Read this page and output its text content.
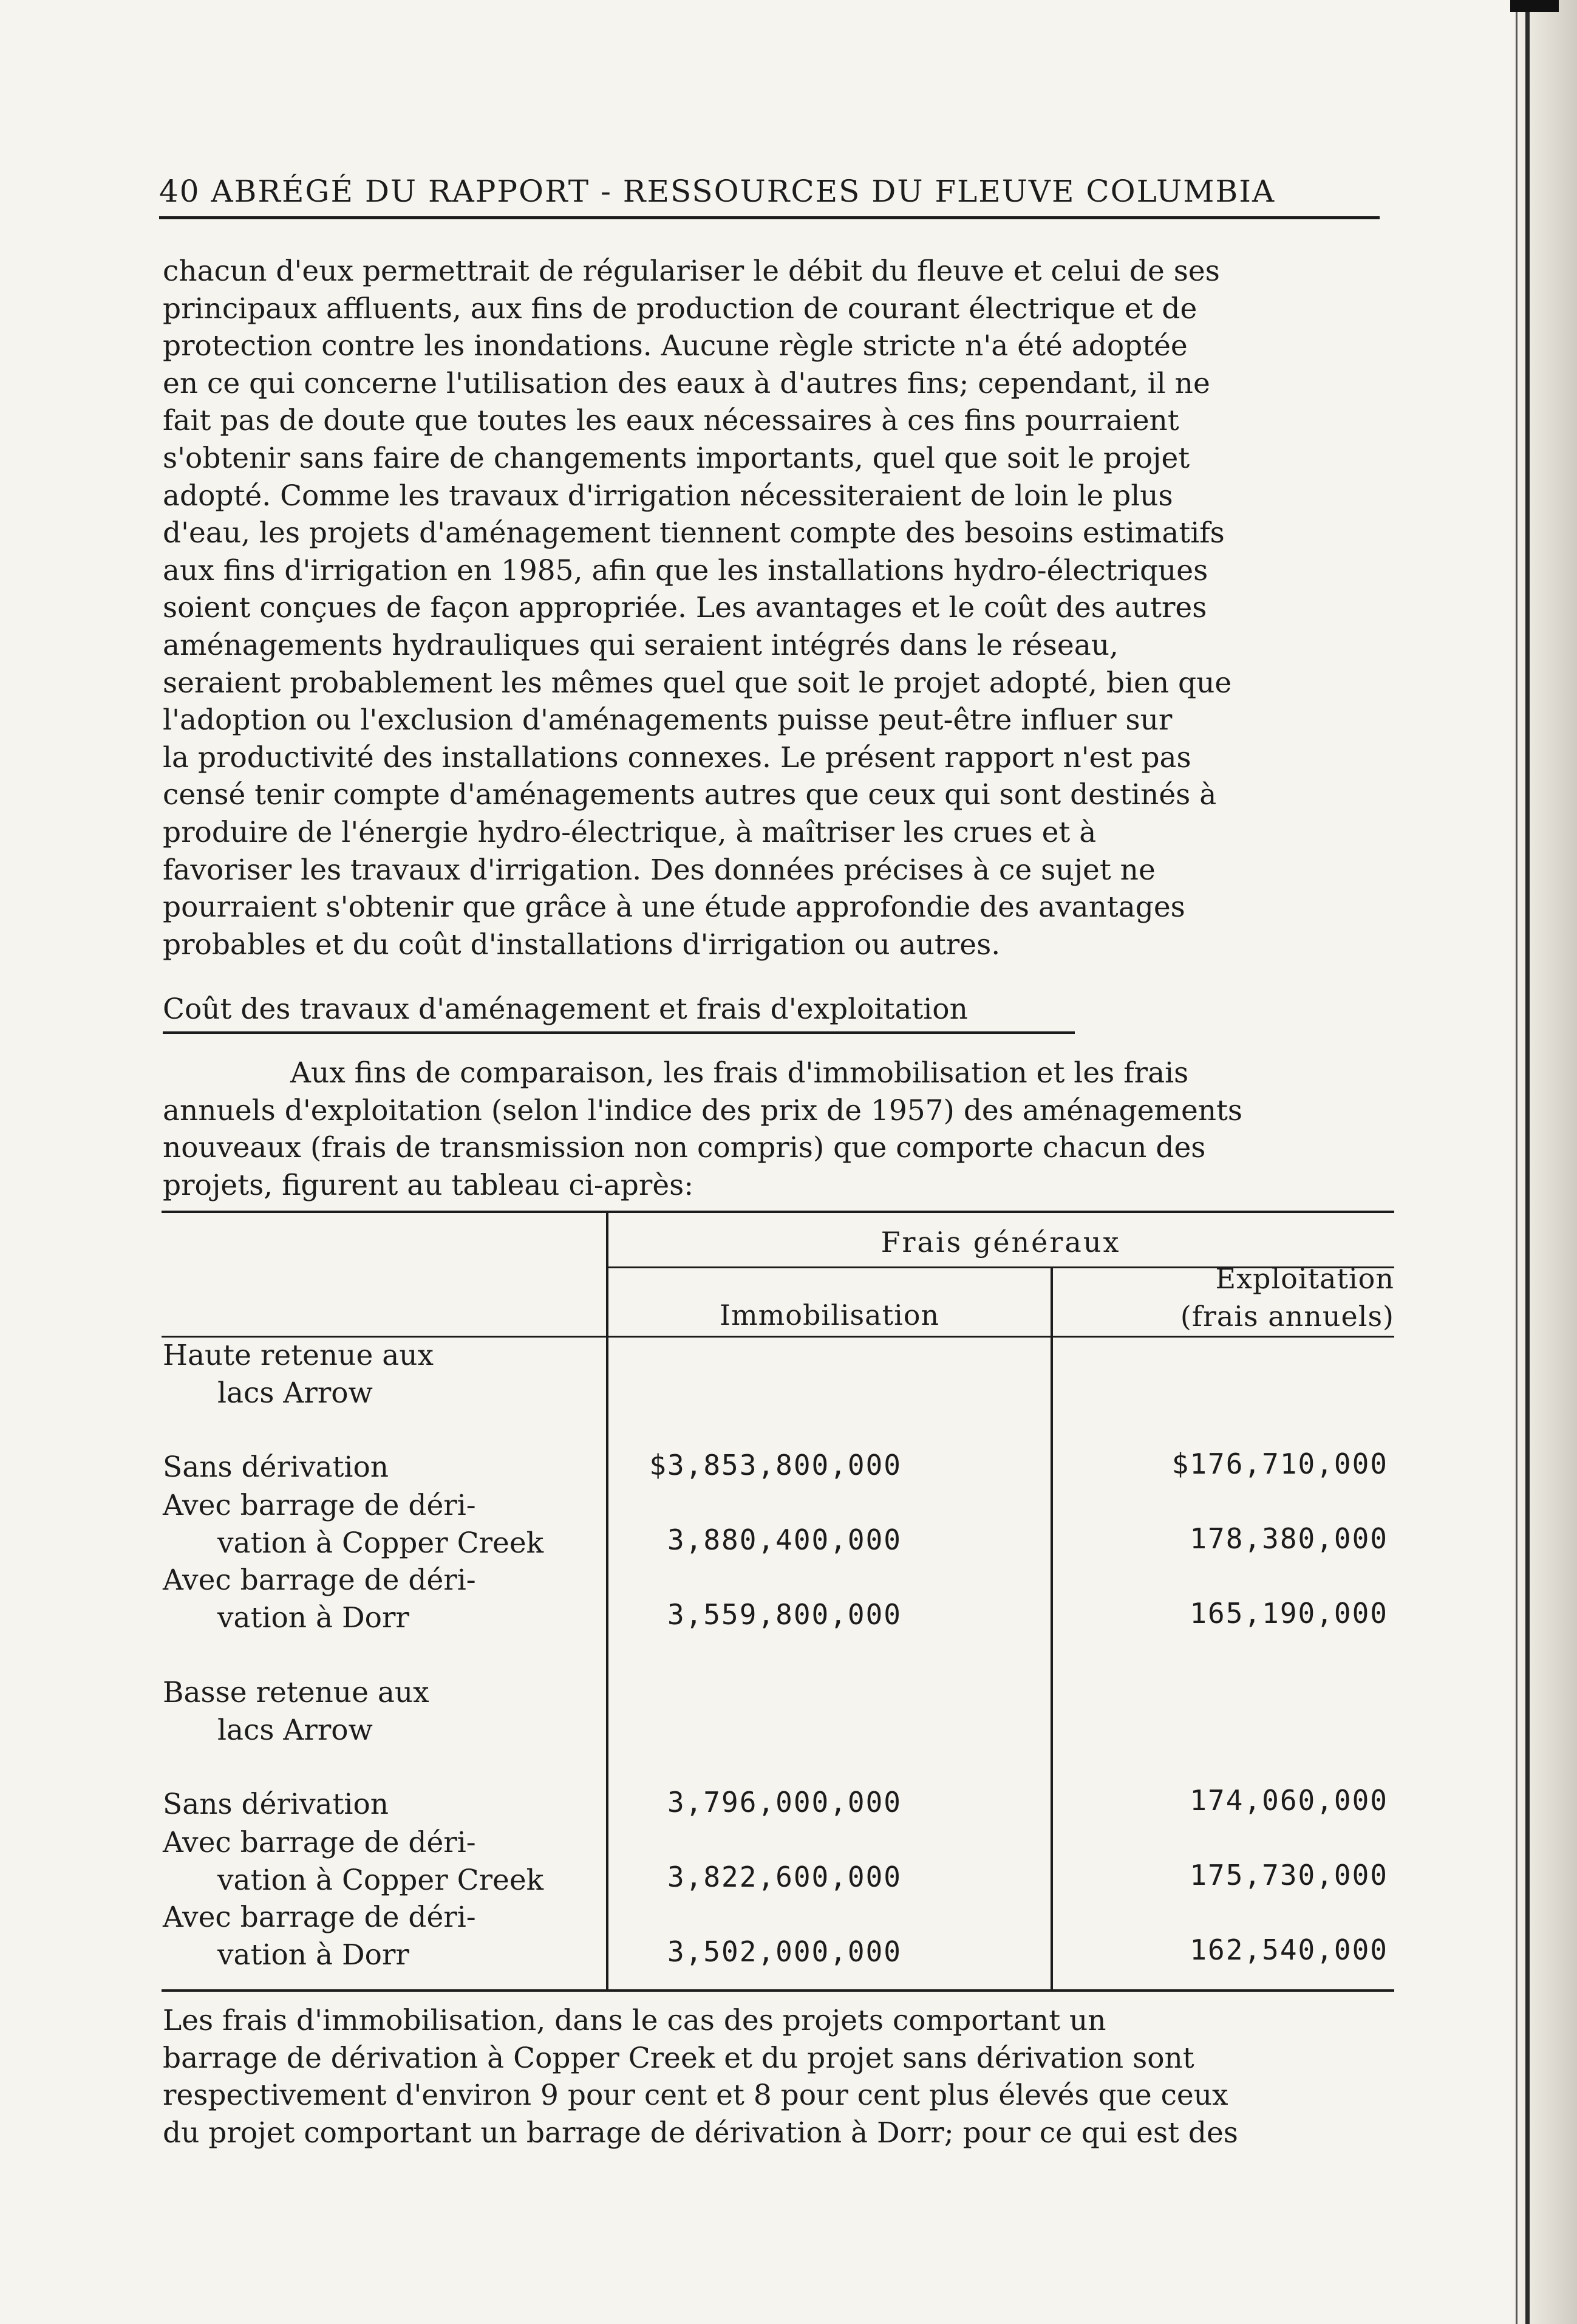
40 ABRÉGÉ DU RAPPORT - RESSOURCES DU FLEUVE COLUMBIA
chacun d'eux permettrait de régulariser le débit du fleuve et celui de ses
principaux affluents, aux fins de production de courant électrique et de
protection contre les inondations. Aucune règle stricte n'a été adoptée
en ce qui concerne l'utilisation des eaux à d'autres fins; cependant, il ne
fait pas de doute que toutes les eaux nécessaires à ces fins pourraient
s'obtenir sans faire de changements importants, quel que soit le projet
adopté. Comme les travaux d'irrigation nécessiteraient de loin le plus
d'eau, les projets d'aménagement tiennent compte des besoins estimatifs
aux fins d'irrigation en 1985, afin que les installations hydro-électriques
soient conçues de façon appropriée. Les avantages et le coût des autres
aménagements hydrauliques qui seraient intégrés dans le réseau,
seraient probablement les mêmes quel que soit le projet adopté, bien que
l'adoption ou l'exclusion d'aménagements puisse peut-être influer sur
la productivité des installations connexes. Le présent rapport n'est pas
censé tenir compte d'aménagements autres que ceux qui sont destinés à
produire de l'énergie hydro-électrique, à maîtriser les crues et à
favoriser les travaux d'irrigation. Des données précises à ce sujet ne
pourraient s'obtenir que grâce à une étude approfondie des avantages
probables et du coût d'installations d'irrigation ou autres.
Coût des travaux d'aménagement et frais d'exploitation
Aux fins de comparaison, les frais d'immobilisation et les frais
annuels d'exploitation (selon l'indice des prix de 1957) des aménagements
nouveaux (frais de transmission non compris) que comporte chacun des
projets, figurent au tableau ci-après:
Frais généraux
Immobilisation
Exploitation
(frais annuels)
Haute retenue aux
lacs Arrow
Sans dérivation	$3,853,800,000	$176,710,000
Avec barrage de déri-
vation à Copper Creek	3,880,400,000	178,380,000
Avec barrage de déri-
vation à Dorr	3,559,800,000	165,190,000
Basse retenue aux
lacs Arrow
Sans dérivation	3,796,000,000	174,060,000
Avec barrage de déri-
vation à Copper Creek	3,822,600,000	175,730,000
Avec barrage de déri-
vation à Dorr	3,502,000,000	162,540,000
Les frais d'immobilisation, dans le cas des projets comportant un
barrage de dérivation à Copper Creek et du projet sans dérivation sont
respectivement d'environ 9 pour cent et 8 pour cent plus élevés que ceux
du projet comportant un barrage de dérivation à Dorr; pour ce qui est des
